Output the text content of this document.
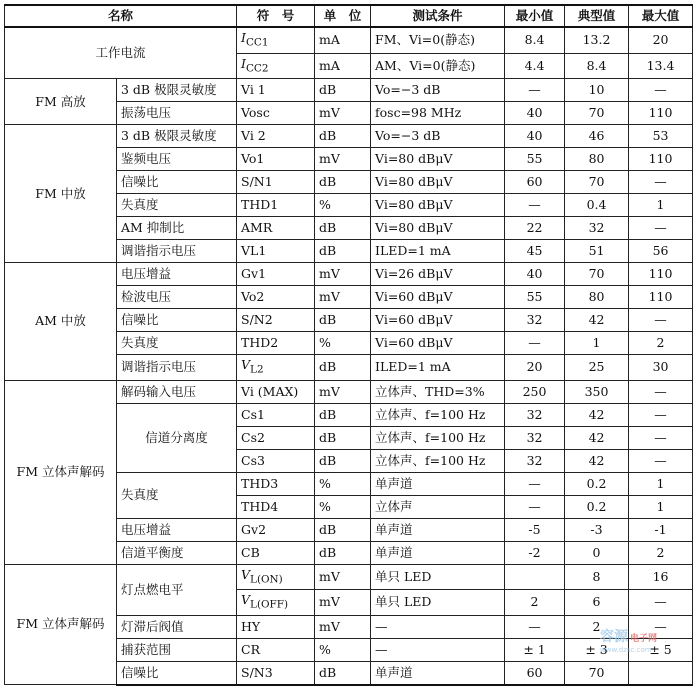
名称		符　号	单　位	测试条件	最小值	典型值	最大值
工作电流		$I_{CC1}$	mA	FM、Vi=0(静态)	8.4	13.2	20
		$I_{CC2}$	mA	AM、Vi=0(静态)	4.4	8.4	13.4
FM 高放	3 dB 极限灵敏度	Vi 1	dB	Vo=−3 dB	—	10	—
	振荡电压	Vosc	mV	fosc=98 MHz	40	70	110
FM 中放	3 dB 极限灵敏度	Vi 2	dB	Vo=−3 dB	40	46	53
	鉴频电压	Vo1	mV	Vi=80 dBμV	55	80	110
	信噪比	S/N1	dB	Vi=80 dBμV	60	70	—
	失真度	THD1	%	Vi=80 dBμV	—	0.4	1
	AM 抑制比	AMR	dB	Vi=80 dBμV	22	32	—
	调谐指示电压	VL1	dB	ILED=1 mA	45	51	56
AM 中放	电压增益	Gv1	mV	Vi=26 dBμV	40	70	110
	检波电压	Vo2	mV	Vi=60 dBμV	55	80	110
	信噪比	S/N2	dB	Vi=60 dBμV	32	42	—
	失真度	THD2	%	Vi=60 dBμV	—	1	2
	调谐指示电压	$V_{L2}$	dB	ILED=1 mA	20	25	30
FM 立体声解码	解码输入电压	Vi (MAX)	mV	立体声、THD=3%	250	350	—
	信道分离度	Cs1	dB	立体声、f=100 Hz	32	42	—
		Cs2	dB	立体声、f=100 Hz	32	42	—
		Cs3	dB	立体声、f=100 Hz	32	42	—
	失真度	THD3	%	单声道	—	0.2	1
		THD4	%	立体声	—	0.2	1
	电压增益	Gv2	dB	单声道	-5	-3	-1
	信道平衡度	CB	dB	单声道	-2	0	2
FM 立体声解码	灯点燃电平	$V_{L(ON)}$	mV	单只 LED		8	16
		$V_{L(OFF)}$	mV	单只 LED	2	6	—
	灯滞后阀值	HY	mV	—	—	2	—
	捕获范围	CR	%	—	± 1	± 3	± 5
	信噪比	S/N3	dB	单声道	60	70	
容源 电子网
www.dzsc.com
